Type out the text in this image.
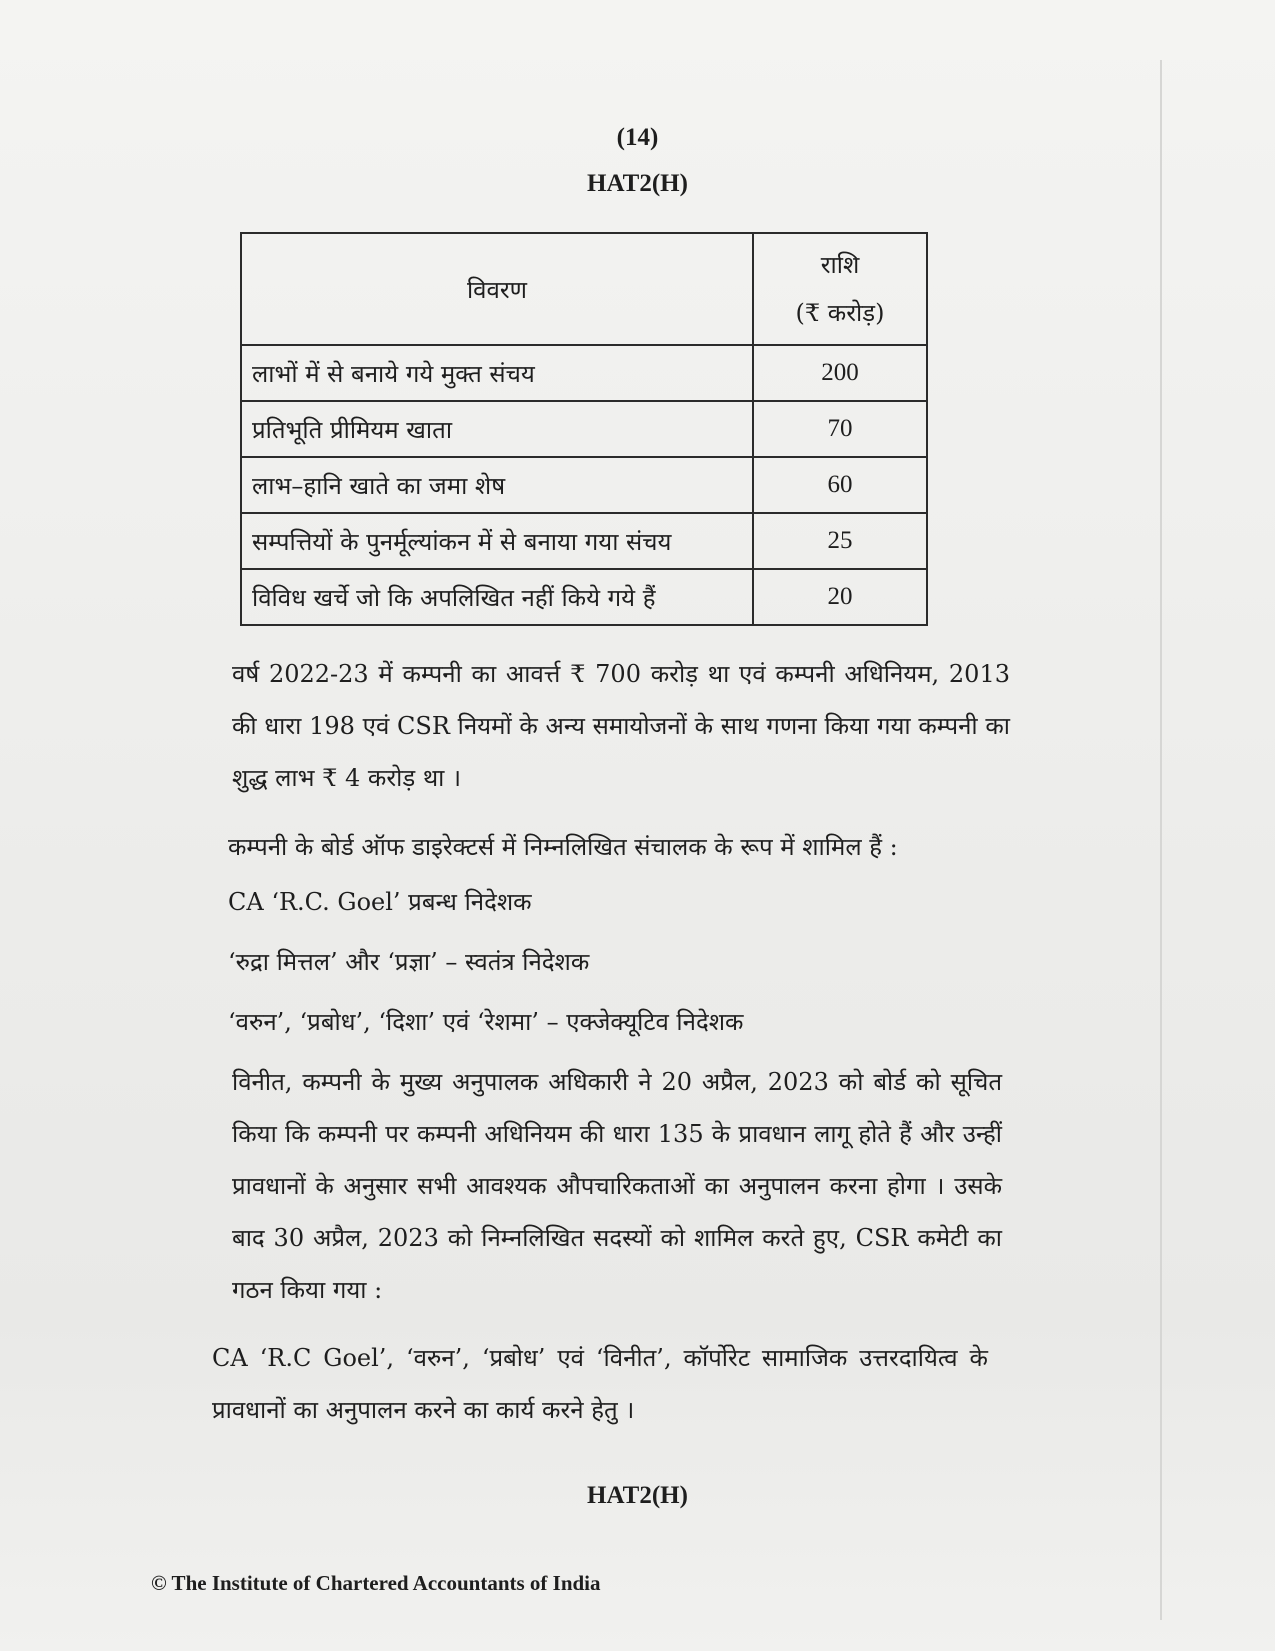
(14)
HAT2(H)
विवरण	राशि
(₹ करोड़)

लाभों में से बनाये गये मुक्त संचय	200
प्रतिभूति प्रीमियम खाता	70
लाभ–हानि खाते का जमा शेष	60
सम्पत्तियों के पुनर्मूल्यांकन में से बनाया गया संचय	25
विविध खर्चे जो कि अपलिखित नहीं किये गये हैं	20

वर्ष 2022-23 में कम्पनी का आवर्त्त ₹ 700 करोड़ था एवं कम्पनी अधिनियम, 2013 की धारा 198 एवं CSR नियमों के अन्य समायोजनों के साथ गणना किया गया कम्पनी का शुद्ध लाभ ₹ 4 करोड़ था ।

कम्पनी के बोर्ड ऑफ डाइरेक्टर्स में निम्नलिखित संचालक के रूप में शामिल हैं :

CA ‘R.C. Goel’ प्रबन्ध निदेशक

‘रुद्रा मित्तल’ और ‘प्रज्ञा’ – स्वतंत्र निदेशक

‘वरुन’, ‘प्रबोध’, ‘दिशा’ एवं ‘रेशमा’ – एक्जेक्यूटिव निदेशक

विनीत, कम्पनी के मुख्य अनुपालक अधिकारी ने 20 अप्रैल, 2023 को बोर्ड को सूचित किया कि कम्पनी पर कम्पनी अधिनियम की धारा 135 के प्रावधान लागू होते हैं और उन्हीं प्रावधानों के अनुसार सभी आवश्यक औपचारिकताओं का अनुपालन करना होगा । उसके बाद 30 अप्रैल, 2023 को निम्नलिखित सदस्यों को शामिल करते हुए, CSR कमेटी का गठन किया गया :

CA ‘R.C Goel’, ‘वरुन’, ‘प्रबोध’ एवं ‘विनीत’, कॉर्पोरेट सामाजिक उत्तरदायित्व के प्रावधानों का अनुपालन करने का कार्य करने हेतु ।

HAT2(H)
© The Institute of Chartered Accountants of India
